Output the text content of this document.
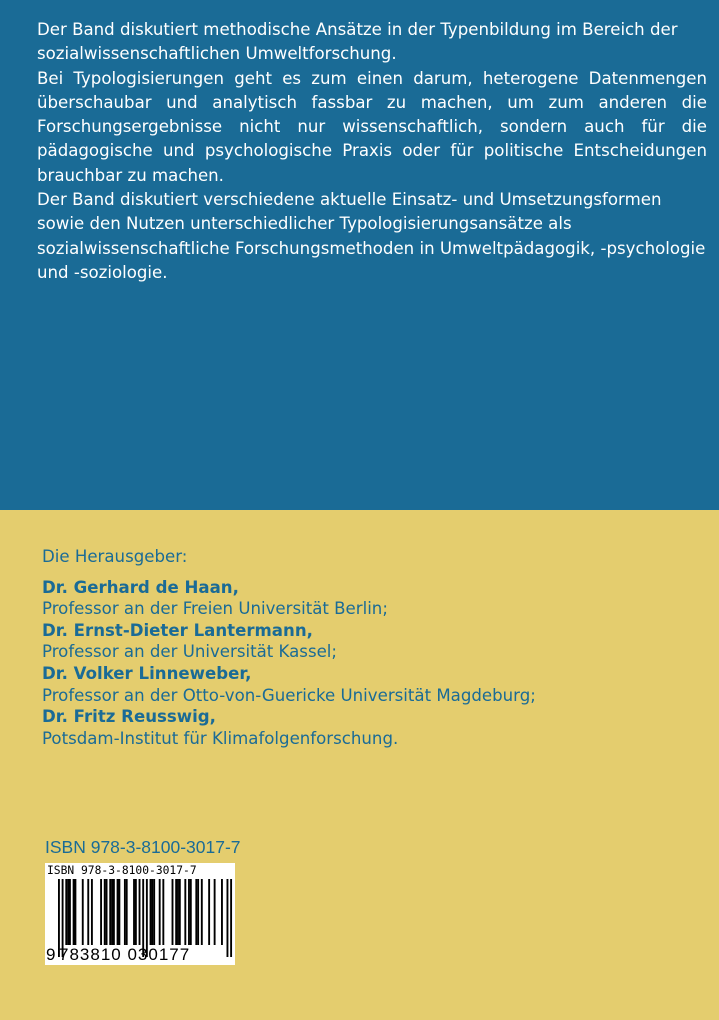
Der Band diskutiert methodische Ansätze in der Typenbildung im Bereich der sozialwissenschaftlichen Umweltforschung.

Bei Typologisierungen geht es zum einen darum, heterogene Datenmengen überschaubar und analytisch fassbar zu machen, um zum anderen die Forschungsergebnisse nicht nur wissenschaftlich, sondern auch für die pädagogische und psychologische Praxis oder für politische Entscheidungen brauchbar zu machen.

Der Band diskutiert verschiedene aktuelle Einsatz- und Umsetzungsformen sowie den Nutzen unterschiedlicher Typologisierungsansätze als sozialwissenschaftliche Forschungsmethoden in Umweltpädagogik, -psychologie und -soziologie.

Die Herausgeber:
Dr. Gerhard de Haan,
Professor an der Freien Universität Berlin;
Dr. Ernst-Dieter Lantermann,
Professor an der Universität Kassel;
Dr. Volker Linneweber,
Professor an der Otto-von-Guericke Universität Magdeburg;
Dr. Fritz Reusswig,
Potsdam-Institut für Klimafolgenforschung.
ISBN 978-3-8100-3017-7
ISBN 978-3-8100-3017-7
9 783810 030177
